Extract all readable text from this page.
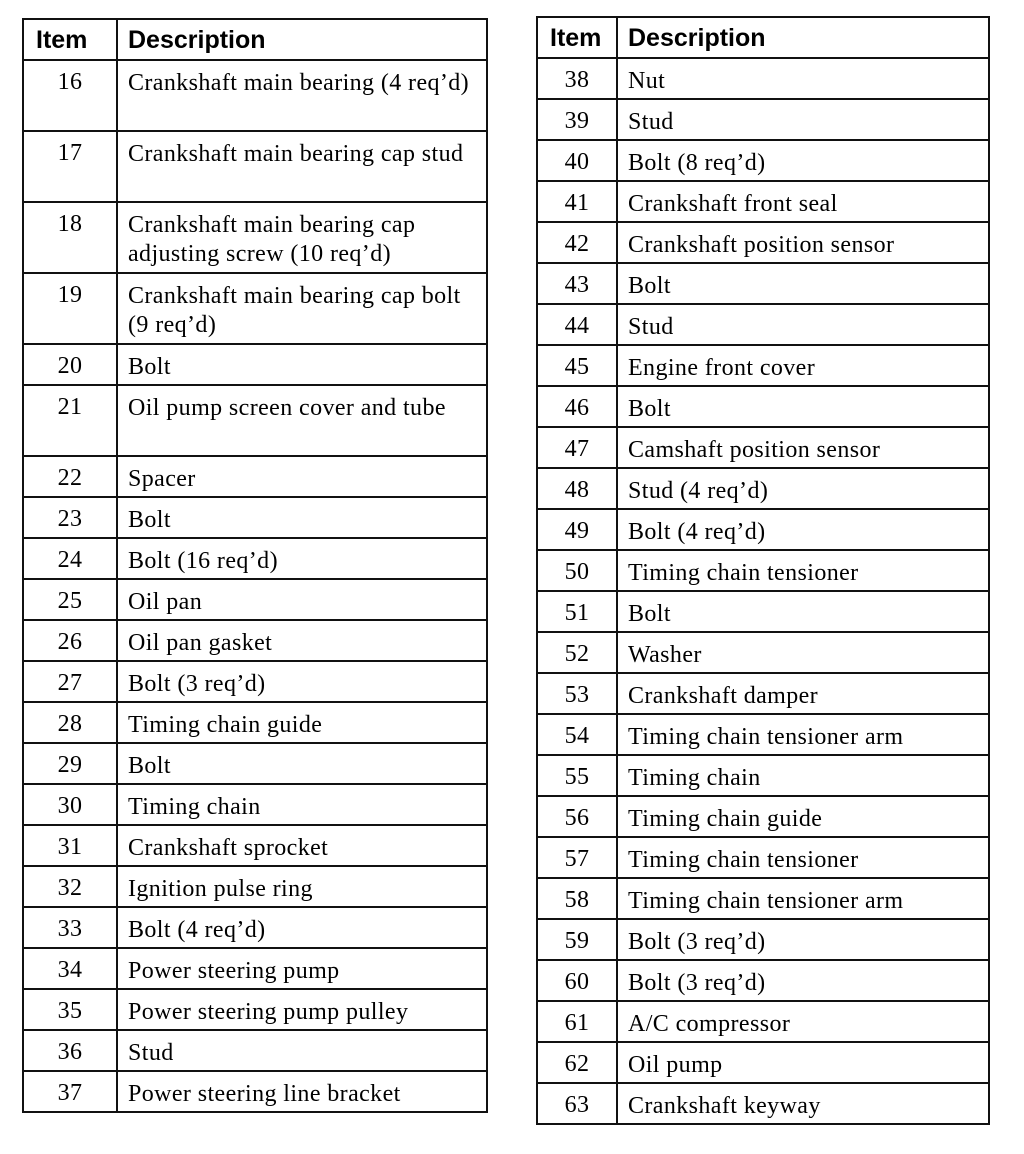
Item	Description
16	Crankshaft main bearing (4 req’d)
17	Crankshaft main bearing cap stud
18	Crankshaft main bearing cap adjusting screw (10 req’d)
19	Crankshaft main bearing cap bolt (9 req’d)
20	Bolt
21	Oil pump screen cover and tube
22	Spacer
23	Bolt
24	Bolt (16 req’d)
25	Oil pan
26	Oil pan gasket
27	Bolt (3 req’d)
28	Timing chain guide
29	Bolt
30	Timing chain
31	Crankshaft sprocket
32	Ignition pulse ring
33	Bolt (4 req’d)
34	Power steering pump
35	Power steering pump pulley
36	Stud
37	Power steering line bracket
Item	Description
38	Nut
39	Stud
40	Bolt (8 req’d)
41	Crankshaft front seal
42	Crankshaft position sensor
43	Bolt
44	Stud
45	Engine front cover
46	Bolt
47	Camshaft position sensor
48	Stud (4 req’d)
49	Bolt (4 req’d)
50	Timing chain tensioner
51	Bolt
52	Washer
53	Crankshaft damper
54	Timing chain tensioner arm
55	Timing chain
56	Timing chain guide
57	Timing chain tensioner
58	Timing chain tensioner arm
59	Bolt (3 req’d)
60	Bolt (3 req’d)
61	A/C compressor
62	Oil pump
63	Crankshaft keyway
